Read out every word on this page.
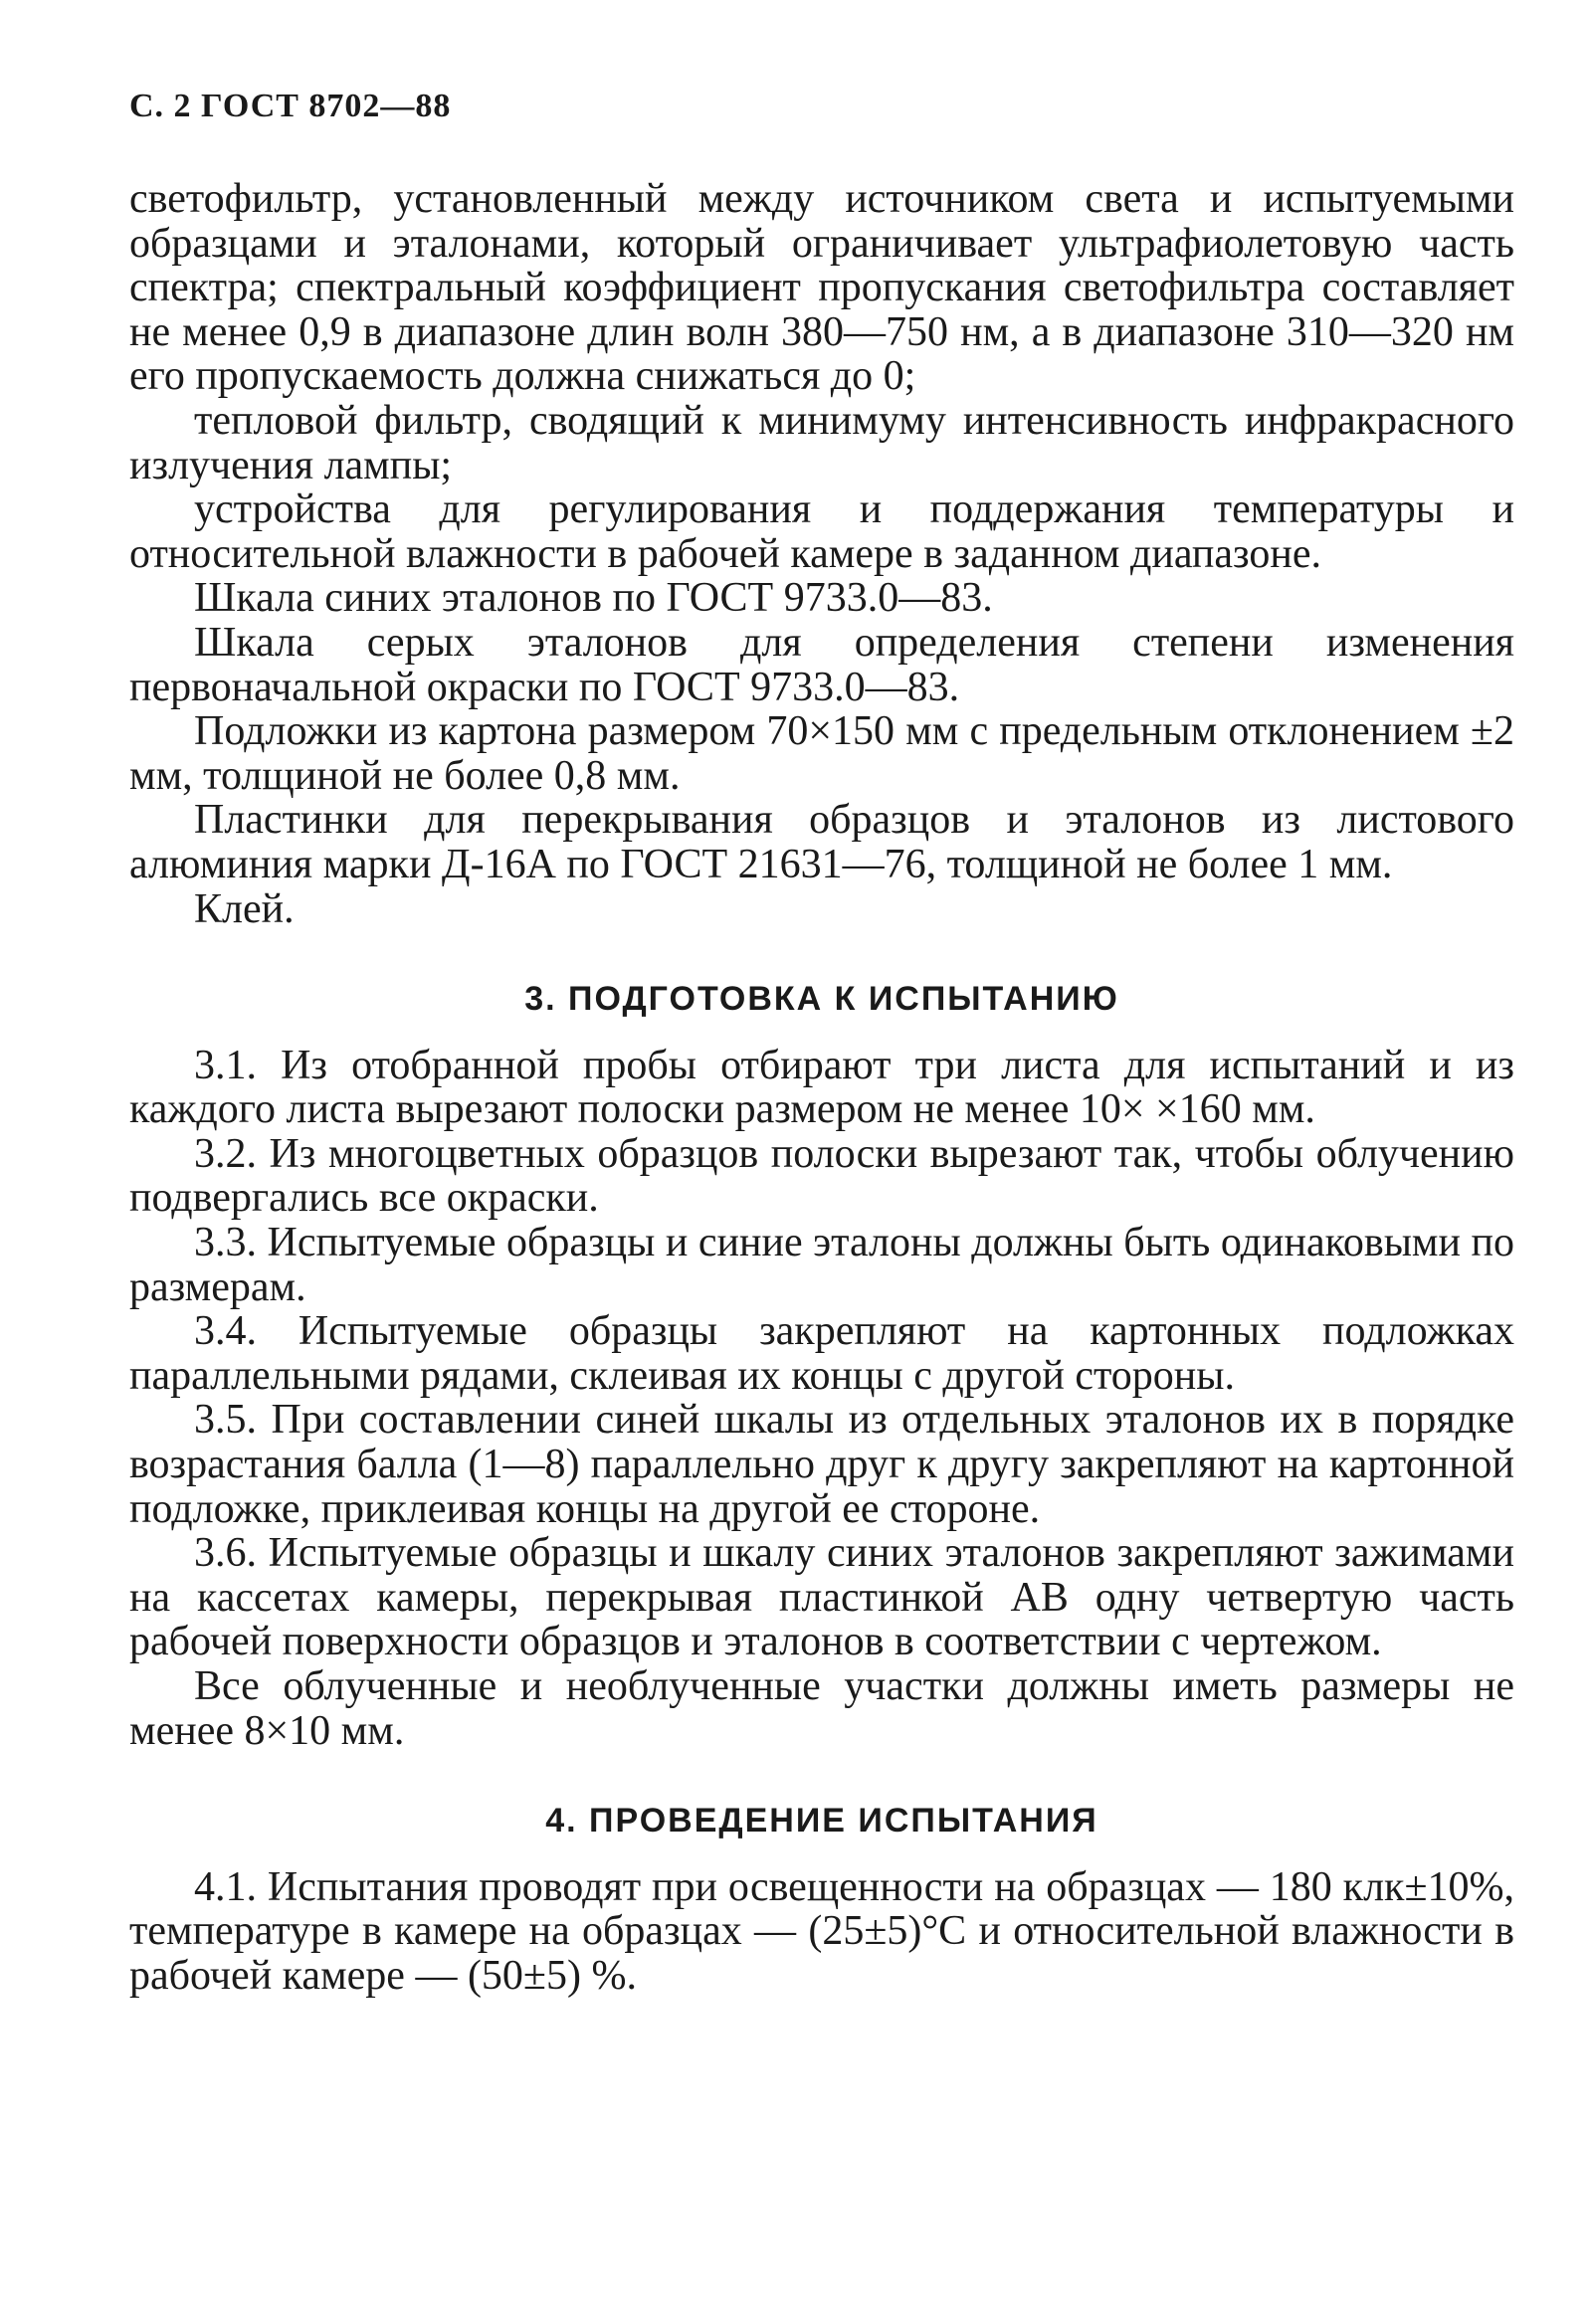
С. 2 ГОСТ 8702—88

светофильтр, установленный между источником света и испытуемыми образцами и эталонами, который ограничивает ультрафиолетовую часть спектра; спектральный коэффициент пропускания светофильтра составляет не менее 0,9 в диапазоне длин волн 380—750 нм, а в диапазоне 310—320 нм его пропускаемость должна снижаться до 0;

тепловой фильтр, сводящий к минимуму интенсивность инфракрасного излучения лампы;

устройства для регулирования и поддержания температуры и относительной влажности в рабочей камере в заданном диапазоне.

Шкала синих эталонов по ГОСТ 9733.0—83.

Шкала серых эталонов для определения степени изменения первоначальной окраски по ГОСТ 9733.0—83.

Подложки из картона размером 70×150 мм с предельным отклонением ±2 мм, толщиной не более 0,8 мм.

Пластинки для перекрывания образцов и эталонов из листового алюминия марки Д-16А по ГОСТ 21631—76, толщиной не более 1 мм.

Клей.

3. ПОДГОТОВКА К ИСПЫТАНИЮ

3.1. Из отобранной пробы отбирают три листа для испытаний и из каждого листа вырезают полоски размером не менее 10× ×160 мм.

3.2. Из многоцветных образцов полоски вырезают так, чтобы облучению подвергались все окраски.

3.3. Испытуемые образцы и синие эталоны должны быть одинаковыми по размерам.

3.4. Испытуемые образцы закрепляют на картонных подложках параллельными рядами, склеивая их концы с другой стороны.

3.5. При составлении синей шкалы из отдельных эталонов их в порядке возрастания балла (1—8) параллельно друг к другу закрепляют на картонной подложке, приклеивая концы на другой ее стороне.

3.6. Испытуемые образцы и шкалу синих эталонов закрепляют зажимами на кассетах камеры, перекрывая пластинкой АВ одну четвертую часть рабочей поверхности образцов и эталонов в соответствии с чертежом.

Все облученные и необлученные участки должны иметь размеры не менее 8×10 мм.

4. ПРОВЕДЕНИЕ ИСПЫТАНИЯ

4.1. Испытания проводят при освещенности на образцах — 180 клк±10%, температуре в камере на образцах — (25±5)°С и относительной влажности в рабочей камере — (50±5) %.
